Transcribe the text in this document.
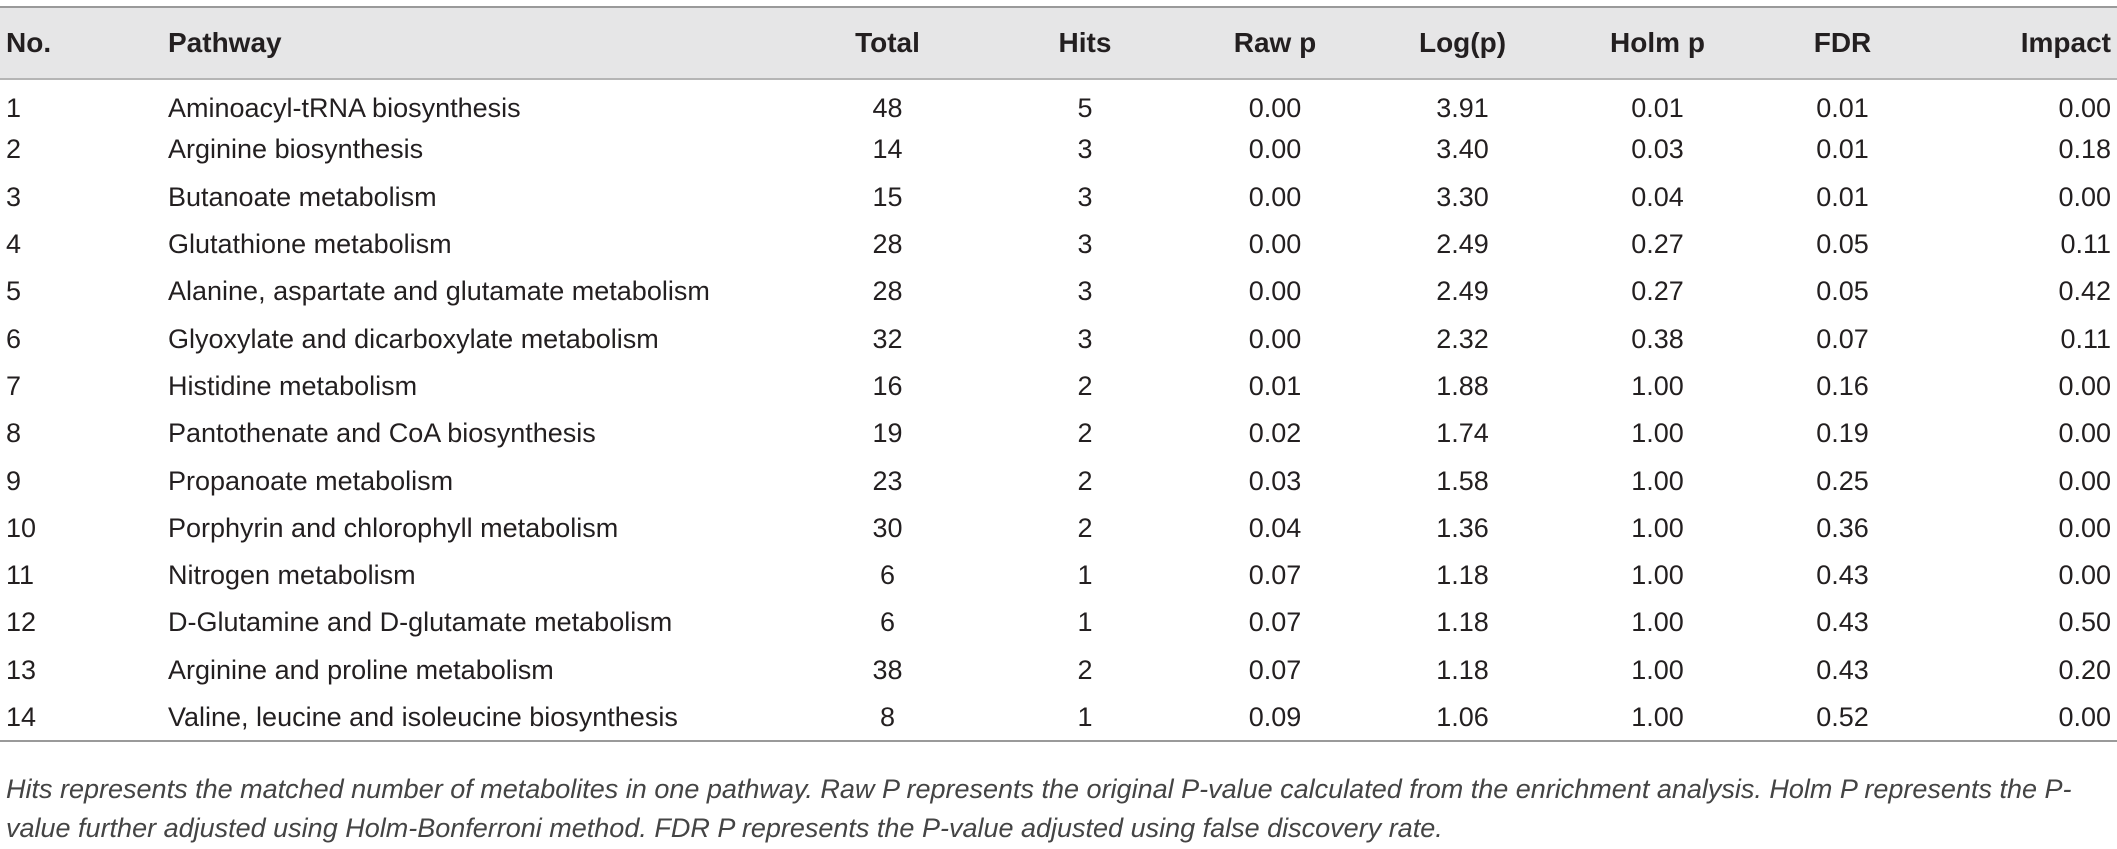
No.	Pathway	Total	Hits	Raw p	Log(p)	Holm p	FDR	Impact
1	Aminoacyl-tRNA biosynthesis	48	5	0.00	3.91	0.01	0.01	0.00
2	Arginine biosynthesis	14	3	0.00	3.40	0.03	0.01	0.18
3	Butanoate metabolism	15	3	0.00	3.30	0.04	0.01	0.00
4	Glutathione metabolism	28	3	0.00	2.49	0.27	0.05	0.11
5	Alanine, aspartate and glutamate metabolism	28	3	0.00	2.49	0.27	0.05	0.42
6	Glyoxylate and dicarboxylate metabolism	32	3	0.00	2.32	0.38	0.07	0.11
7	Histidine metabolism	16	2	0.01	1.88	1.00	0.16	0.00
8	Pantothenate and CoA biosynthesis	19	2	0.02	1.74	1.00	0.19	0.00
9	Propanoate metabolism	23	2	0.03	1.58	1.00	0.25	0.00
10	Porphyrin and chlorophyll metabolism	30	2	0.04	1.36	1.00	0.36	0.00
11	Nitrogen metabolism	6	1	0.07	1.18	1.00	0.43	0.00
12	D-Glutamine and D-glutamate metabolism	6	1	0.07	1.18	1.00	0.43	0.50
13	Arginine and proline metabolism	38	2	0.07	1.18	1.00	0.43	0.20
14	Valine, leucine and isoleucine biosynthesis	8	1	0.09	1.06	1.00	0.52	0.00
Hits represents the matched number of metabolites in one pathway. Raw P represents the original P-value calculated from the enrichment analysis. Holm P represents the P-value further adjusted using Holm-Bonferroni method. FDR P represents the P-value adjusted using false discovery rate.
